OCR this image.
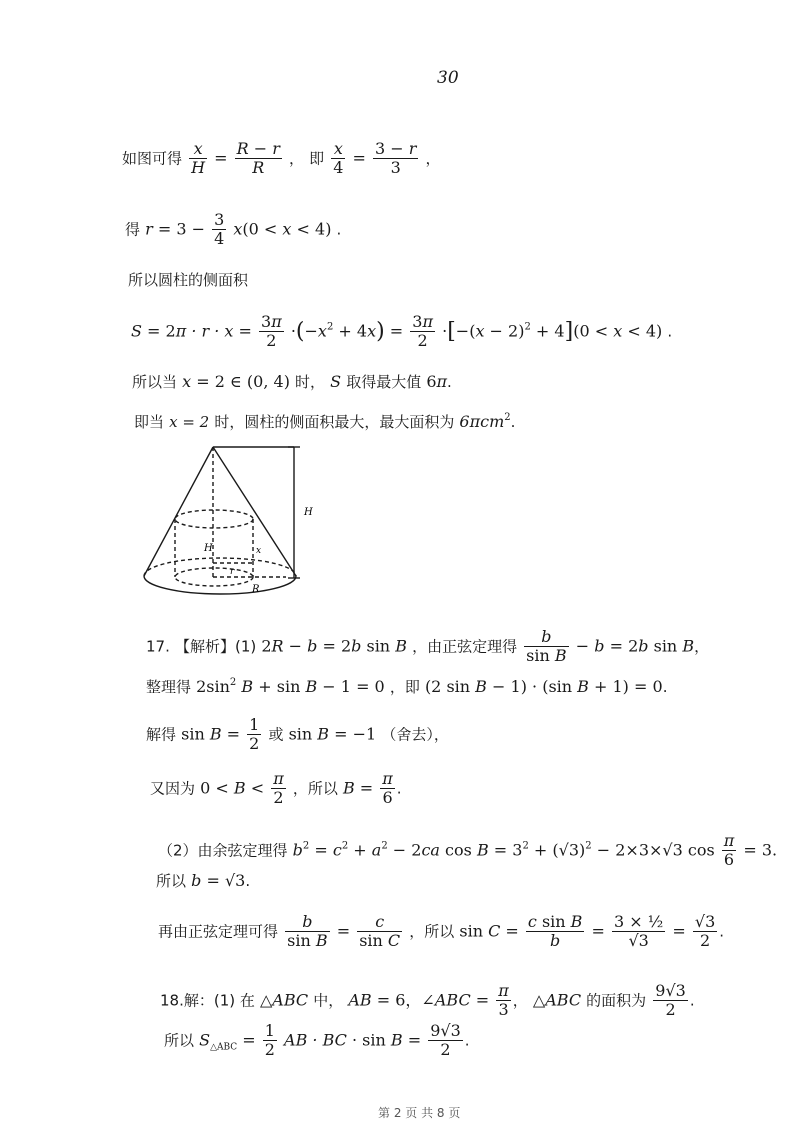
30
如图可得 $\frac{x}{H} = \frac{R - r}{R}$ ， 即 $\frac{x}{4} = \frac{3 - r}{3}$ ，
得 $r = 3 - \frac{3}{4} x(0 < x < 4)$ .
所以圆柱的侧面积
$S = 2\pi \cdot r \cdot x = \frac{3\pi}{2} \cdot(-x^2 + 4x) = \frac{3\pi}{2} \cdot[-(x - 2)^2 + 4](0 < x < 4)$ .
所以当 x = 2 ∈ (0, 4) 时， S 取得最大值 6π.
即当 x = 2 时，圆柱的侧面积最大，最大面积为 6πcm$^2$.
H
H	x
r
R
17. 【解析】(1) 2R − b = 2b sin B ，由正弦定理得 $\frac{b}{\text{sin B}} - b = 2b$ sin B，
整理得 $2\sin^2$ B + sin B − 1 = 0 ，即 (2 sin B − 1) · (sin B + 1) = 0.
解得 $\sin B = \frac{1}{2}$ 或 sin B = −1 （舍去），
又因为 $0 < B < \frac{\pi}{2}$ ，所以 $B = \frac{\pi}{6}$ .
（2）由余弦定理得 $b^2 = c^2 + a^2 - 2ca$ $\cos B = 3^2 + (√3)^2 - 2\times 3\times√3$ $\cos \frac{\pi}{6} = 3$.
所以 b = √3.
再由正弦定理可得 $\frac{b}{\text{sin B}} = \frac{c}{\text{sin C}}$ ，所以 $\sin C = \frac{\text{c sin B}}{b} = \frac{\text{3 × ½}}{√3} = \frac{√3}{2}$ .
18.解：(1) 在 △ABC 中， AB = 6，∠ABC = $\frac{\pi}{3}$ ， △ABC 的面积为 $\frac{9√3}{2}$ .
所以 $S_{\triangle ABC} = \frac{1}{2}$ AB · BC · $\sin B = \frac{9√3}{2}$ .
第 2 页 共 8 页
